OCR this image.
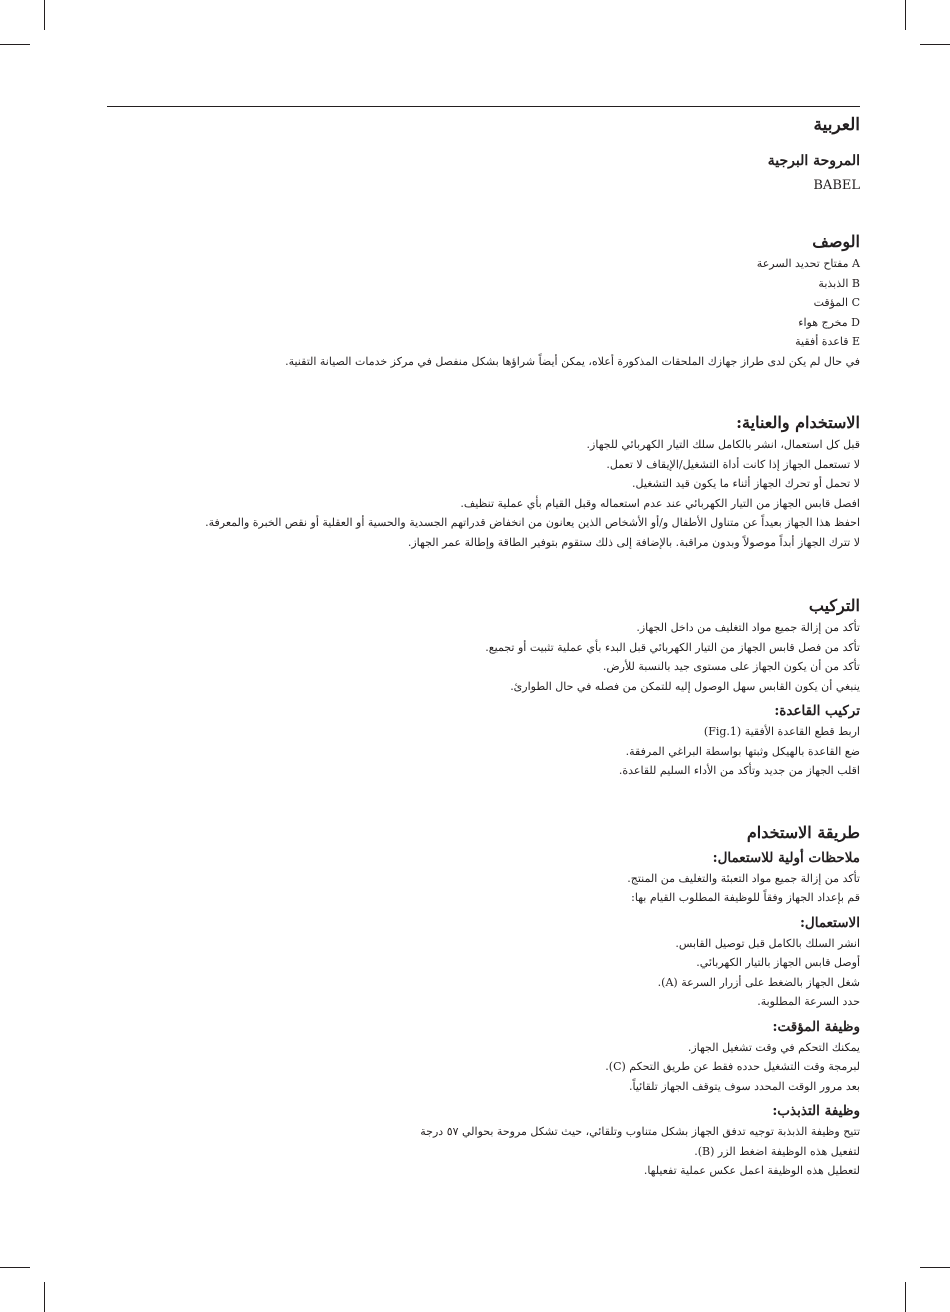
العربية
المروحة البرجية
BABEL
الوصف
A مفتاح تحديد السرعة
B الذبذبة
C المؤقت
D مخرج هواء
E قاعدة أفقية
في حال لم يكن لدى طراز جهازك الملحقات المذكورة أعلاه، يمكن أيضاً شراؤها بشكل منفصل في مركز خدمات الصيانة التقنية.
الاستخدام والعناية:
قبل كل استعمال، انشر بالكامل سلك التيار الكهربائي للجهاز.
لا تستعمل الجهاز إذا كانت أداة التشغيل/الإيقاف لا تعمل.
لا تحمل أو تحرك الجهاز أثناء ما يكون قيد التشغيل.
افصل قابس الجهاز من التيار الكهربائي عند عدم استعماله وقبل القيام بأي عملية تنظيف.
احفظ هذا الجهاز بعيداً عن متناول الأطفال و/أو الأشخاص الذين يعانون من انخفاض قدراتهم الجسدية والحسية أو العقلية أو نقص الخبرة والمعرفة.
لا تترك الجهاز أبداً موصولاً وبدون مراقبة. بالإضافة إلى ذلك ستقوم بتوفير الطاقة وإطالة عمر الجهاز.
التركيب
تأكد من إزالة جميع مواد التغليف من داخل الجهاز.
تأكد من فصل قابس الجهاز من التيار الكهربائي قبل البدء بأي عملية تثبيت أو تجميع.
تأكد من أن يكون الجهاز على مستوى جيد بالنسبة للأرض.
ينبغي أن يكون القابس سهل الوصول إليه للتمكن من فصله في حال الطوارئ.
تركيب القاعدة:
اربط قطع القاعدة الأفقية (Fig.1)
ضع القاعدة بالهيكل وثبتها بواسطة البراغي المرفقة.
اقلب الجهاز من جديد وتأكد من الأداء السليم للقاعدة.
طريقة الاستخدام
ملاحظات أولية للاستعمال:
تأكد من إزالة جميع مواد التعبئة والتغليف من المنتج.
قم بإعداد الجهاز وفقاً للوظيفة المطلوب القيام بها:
الاستعمال:
انشر السلك بالكامل قبل توصيل القابس.
أوصل قابس الجهاز بالتيار الكهربائي.
شغل الجهاز بالضغط على أزرار السرعة (A).
حدد السرعة المطلوبة.
وظيفة المؤقت:
يمكنك التحكم في وقت تشغيل الجهاز.
لبرمجة وقت التشغيل حدده فقط عن طريق التحكم (C).
بعد مرور الوقت المحدد سوف يتوقف الجهاز تلقائياً.
وظيفة التذبذب:
تتيح وظيفة الذبذبة توجيه تدفق الجهاز بشكل متناوب وتلقائي، حيث تشكل مروحة بحوالي ٥٧ درجة
لتفعيل هذه الوظيفة اضغط الزر (B).
لتعطيل هذه الوظيفة اعمل عكس عملية تفعيلها.
